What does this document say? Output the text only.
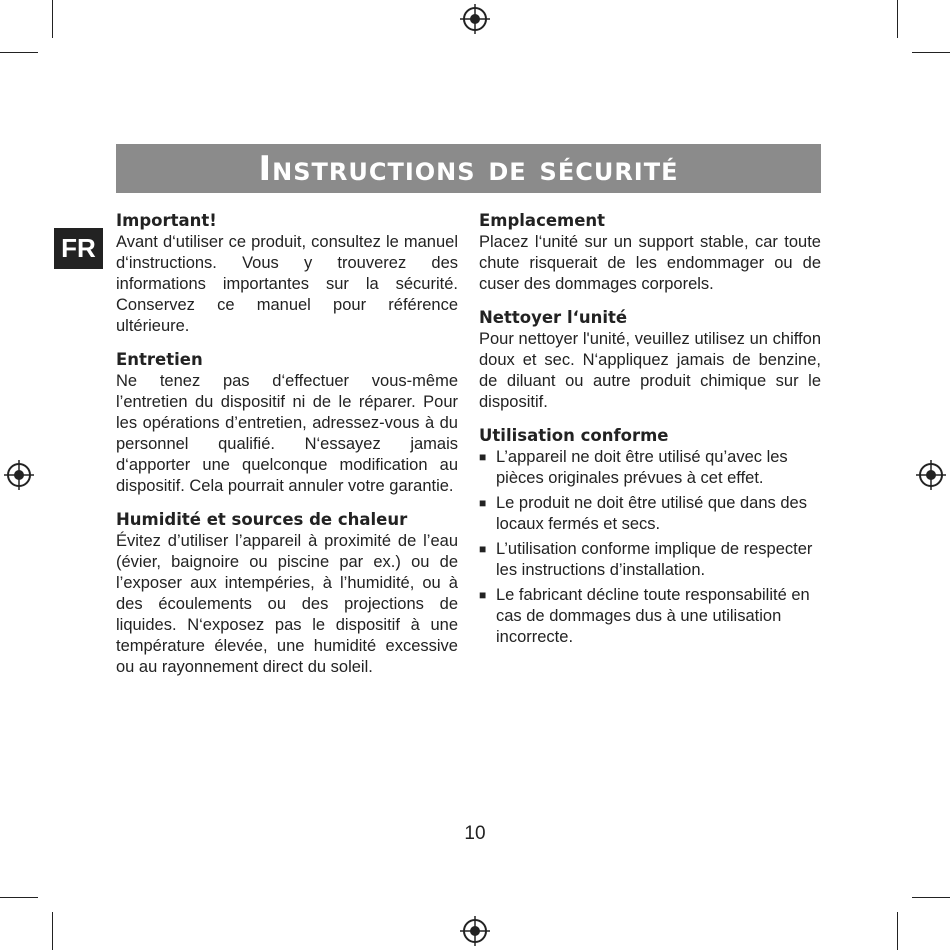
Instructions de sécurité
FR
Important!

Avant d‘utiliser ce produit, consultez le manuel d‘instructions. Vous y trouverez des informations importantes sur la sécurité. Conservez ce manuel pour référence ultérieure.

Entretien

Ne tenez pas d‘effectuer vous-même l’entretien du dispositif ni de le réparer. Pour les opérations d’entretien, adressez-vous à du personnel qualifié. N‘essayez jamais d‘apporter une quelconque modification au dispositif. Cela pourrait annuler votre garantie.

Humidité et sources de chaleur

Évitez d’utiliser l’appareil à proximité de l’eau (évier, baignoire ou piscine par ex.) ou de l’exposer aux intempéries, à l’humidité, ou à des écoulements ou des projections de liquides. N‘exposez pas le dispositif à une température élevée, une humidité excessive ou au rayonnement direct du soleil.

Emplacement

Placez l‘unité sur un support stable, car toute chute risquerait de les endommager ou de cuser des dommages corporels.

Nettoyer l‘unité

Pour nettoyer l'unité, veuillez utilisez un chiffon doux et sec. N‘appliquez jamais de benzine, de diluant ou autre produit chimique sur le dispositif.

Utilisation conforme
■ L’appareil ne doit être utilisé qu’avec les pièces originales prévues à cet effet.
■ Le produit ne doit être utilisé que dans des locaux fermés et secs.
■ L’utilisation conforme implique de respecter les instructions d’installation.
■ Le fabricant décline toute responsabilité en cas de dommages dus à une utilisation incorrecte.
10
